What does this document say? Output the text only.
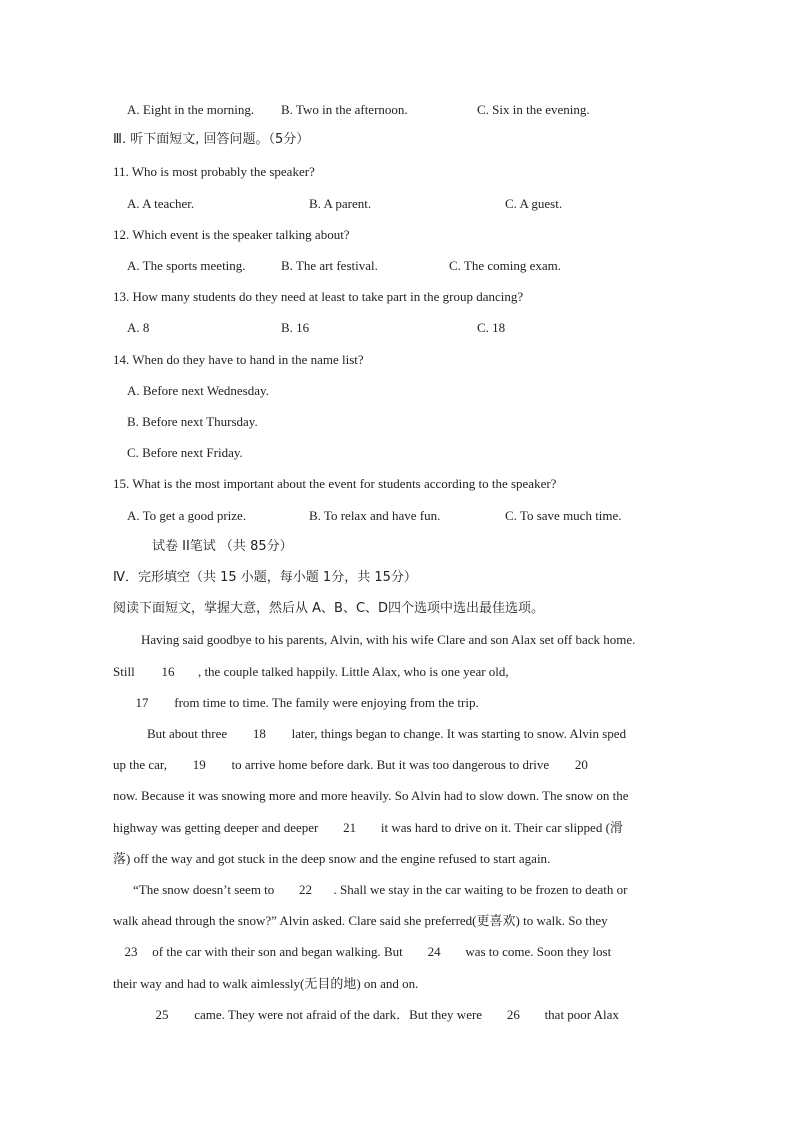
A. Eight in the morning. B. Two in the afternoon.	C. Six in the evening.
Ⅲ. 听下面短文, 回答问题。（5分）
11. Who is most probably the speaker?
A. A teacher.	B. A parent.	C. A guest.
12. Which event is the speaker talking about?
A. The sports meeting.	B. The art festival.	C. The coming exam.
13. How many students do they need at least to take part in the group dancing?
A. 8	B. 16	C. 18
14. When do they have to hand in the name list?
A. Before next Wednesday.
B. Before next Thursday.
C. Before next Friday.
15. What is the most important about the event for students according to the speaker?
A. To get a good prize.	B. To relax and have fun.	C. To save much time.
试卷 II笔试 （共 85分）
Ⅳ．完形填空（共 15 小题，每小题 1分，共 15分）
阅读下面短文，掌握大意，然后从 A、B、C、D四个选项中选出最佳选项。
Having said goodbye to his parents, Alvin, with his wife Clare and son Alax set off back home.
Still 16 , the couple talked happily. Little Alax, who is one year old,
17 from time to time. The family were enjoying from the trip.
But about three 18 later, things began to change. It was starting to snow. Alvin sped
up the car, 19 to arrive home before dark. But it was too dangerous to drive 20
now. Because it was snowing more and more heavily. So Alvin had to slow down. The snow on the
highway was getting deeper and deeper 21 it was hard to drive on it. Their car slipped (滑
落) off the way and got stuck in the deep snow and the engine refused to start again.
“The snow doesn’t seem to 22 . Shall we stay in the car waiting to be frozen to death or
walk ahead through the snow?” Alvin asked. Clare said she preferred(更喜欢) to walk. So they
23 of the car with their son and began walking. But 24 was to come. Soon they lost
their way and had to walk aimlessly(无目的地) on and on.
25 came. They were not afraid of the dark．But they were 26 that poor Alax
